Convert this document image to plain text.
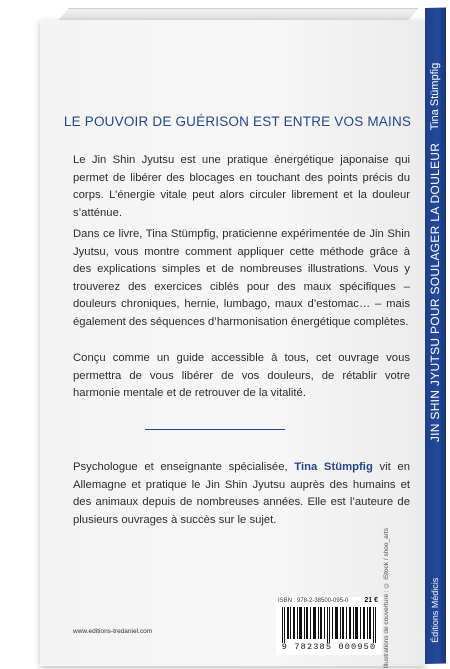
Tina Stümpfig
JIN SHIN JYUTSU POUR SOULAGER LA DOULEUR
Éditions Médicis
LE POUVOIR DE GUÉRISON EST ENTRE VOS MAINS
Le Jin Shin Jyutsu est une pratique énergétique japonaise qui permet de libérer des blocages en touchant des points précis du corps. L’énergie vitale peut alors circuler librement et la douleur s’atténue.
Dans ce livre, Tina Stümpfig, praticienne expérimentée de Jin Shin Jyutsu, vous montre comment appliquer cette méthode grâce à des explications simples et de nombreuses illustrations. Vous y trouverez des exercices ciblés pour des maux spécifiques – douleurs chroniques, hernie, lumbago, maux d’estomac… – mais également des séquences d’harmonisation énergétique complètes.
Conçu comme un guide accessible à tous, cet ouvrage vous permettra de vous libérer de vos douleurs, de rétablir votre harmonie mentale et de retrouver de la vitalité.
Psychologue et enseignante spécialisée, Tina Stümpfig vit en Allemagne et pratique le Jin Shin Jyutsu auprès des humains et des animaux depuis de nombreuses années. Elle est l’auteure de plusieurs ouvrages à succès sur le sujet.
Illustrations de couverture : © iStock / shoo_arts
ISBN : 978-2-38500-095-0 21 €
9 782385 000950
www.editions-tredaniel.com
